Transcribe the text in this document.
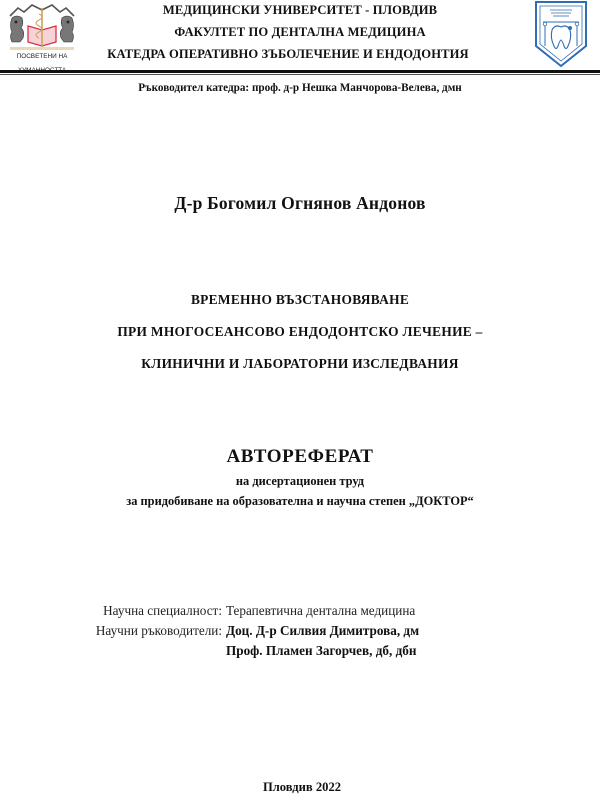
ПОСВЕТЕНИ НА
МЕДИЦИНСКИ УНИВЕРСИТЕТ - ПЛОВДИВ
ФАКУЛТЕТ ПО ДЕНТАЛНА МЕДИЦИНА
КАТЕДРА ОПЕРАТИВНО ЗЪБОЛЕЧЕНИЕ И ЕНДОДОНТИЯ
Ръководител катедра: проф. д-р Нешка Манчорова-Велева, дмн
Д-р Богомил Огнянов Андонов
ВРЕМЕННО ВЪЗСТАНОВЯВАНЕ
ПРИ МНОГОСЕАНСОВО ЕНДОДОНТСКО ЛЕЧЕНИЕ –
КЛИНИЧНИ И ЛАБОРАТОРНИ ИЗСЛЕДВАНИЯ
АВТОРЕФЕРАТ
на дисертационен труд
за придобиване на образователна и научна степен „ДОКТОР“
Научна специалност: Терапевтична дентална медицина
Научни ръководители: Доц. Д-р Силвия Димитрова, дм
Проф. Пламен Загорчев, дб, дбн
Пловдив 2022
